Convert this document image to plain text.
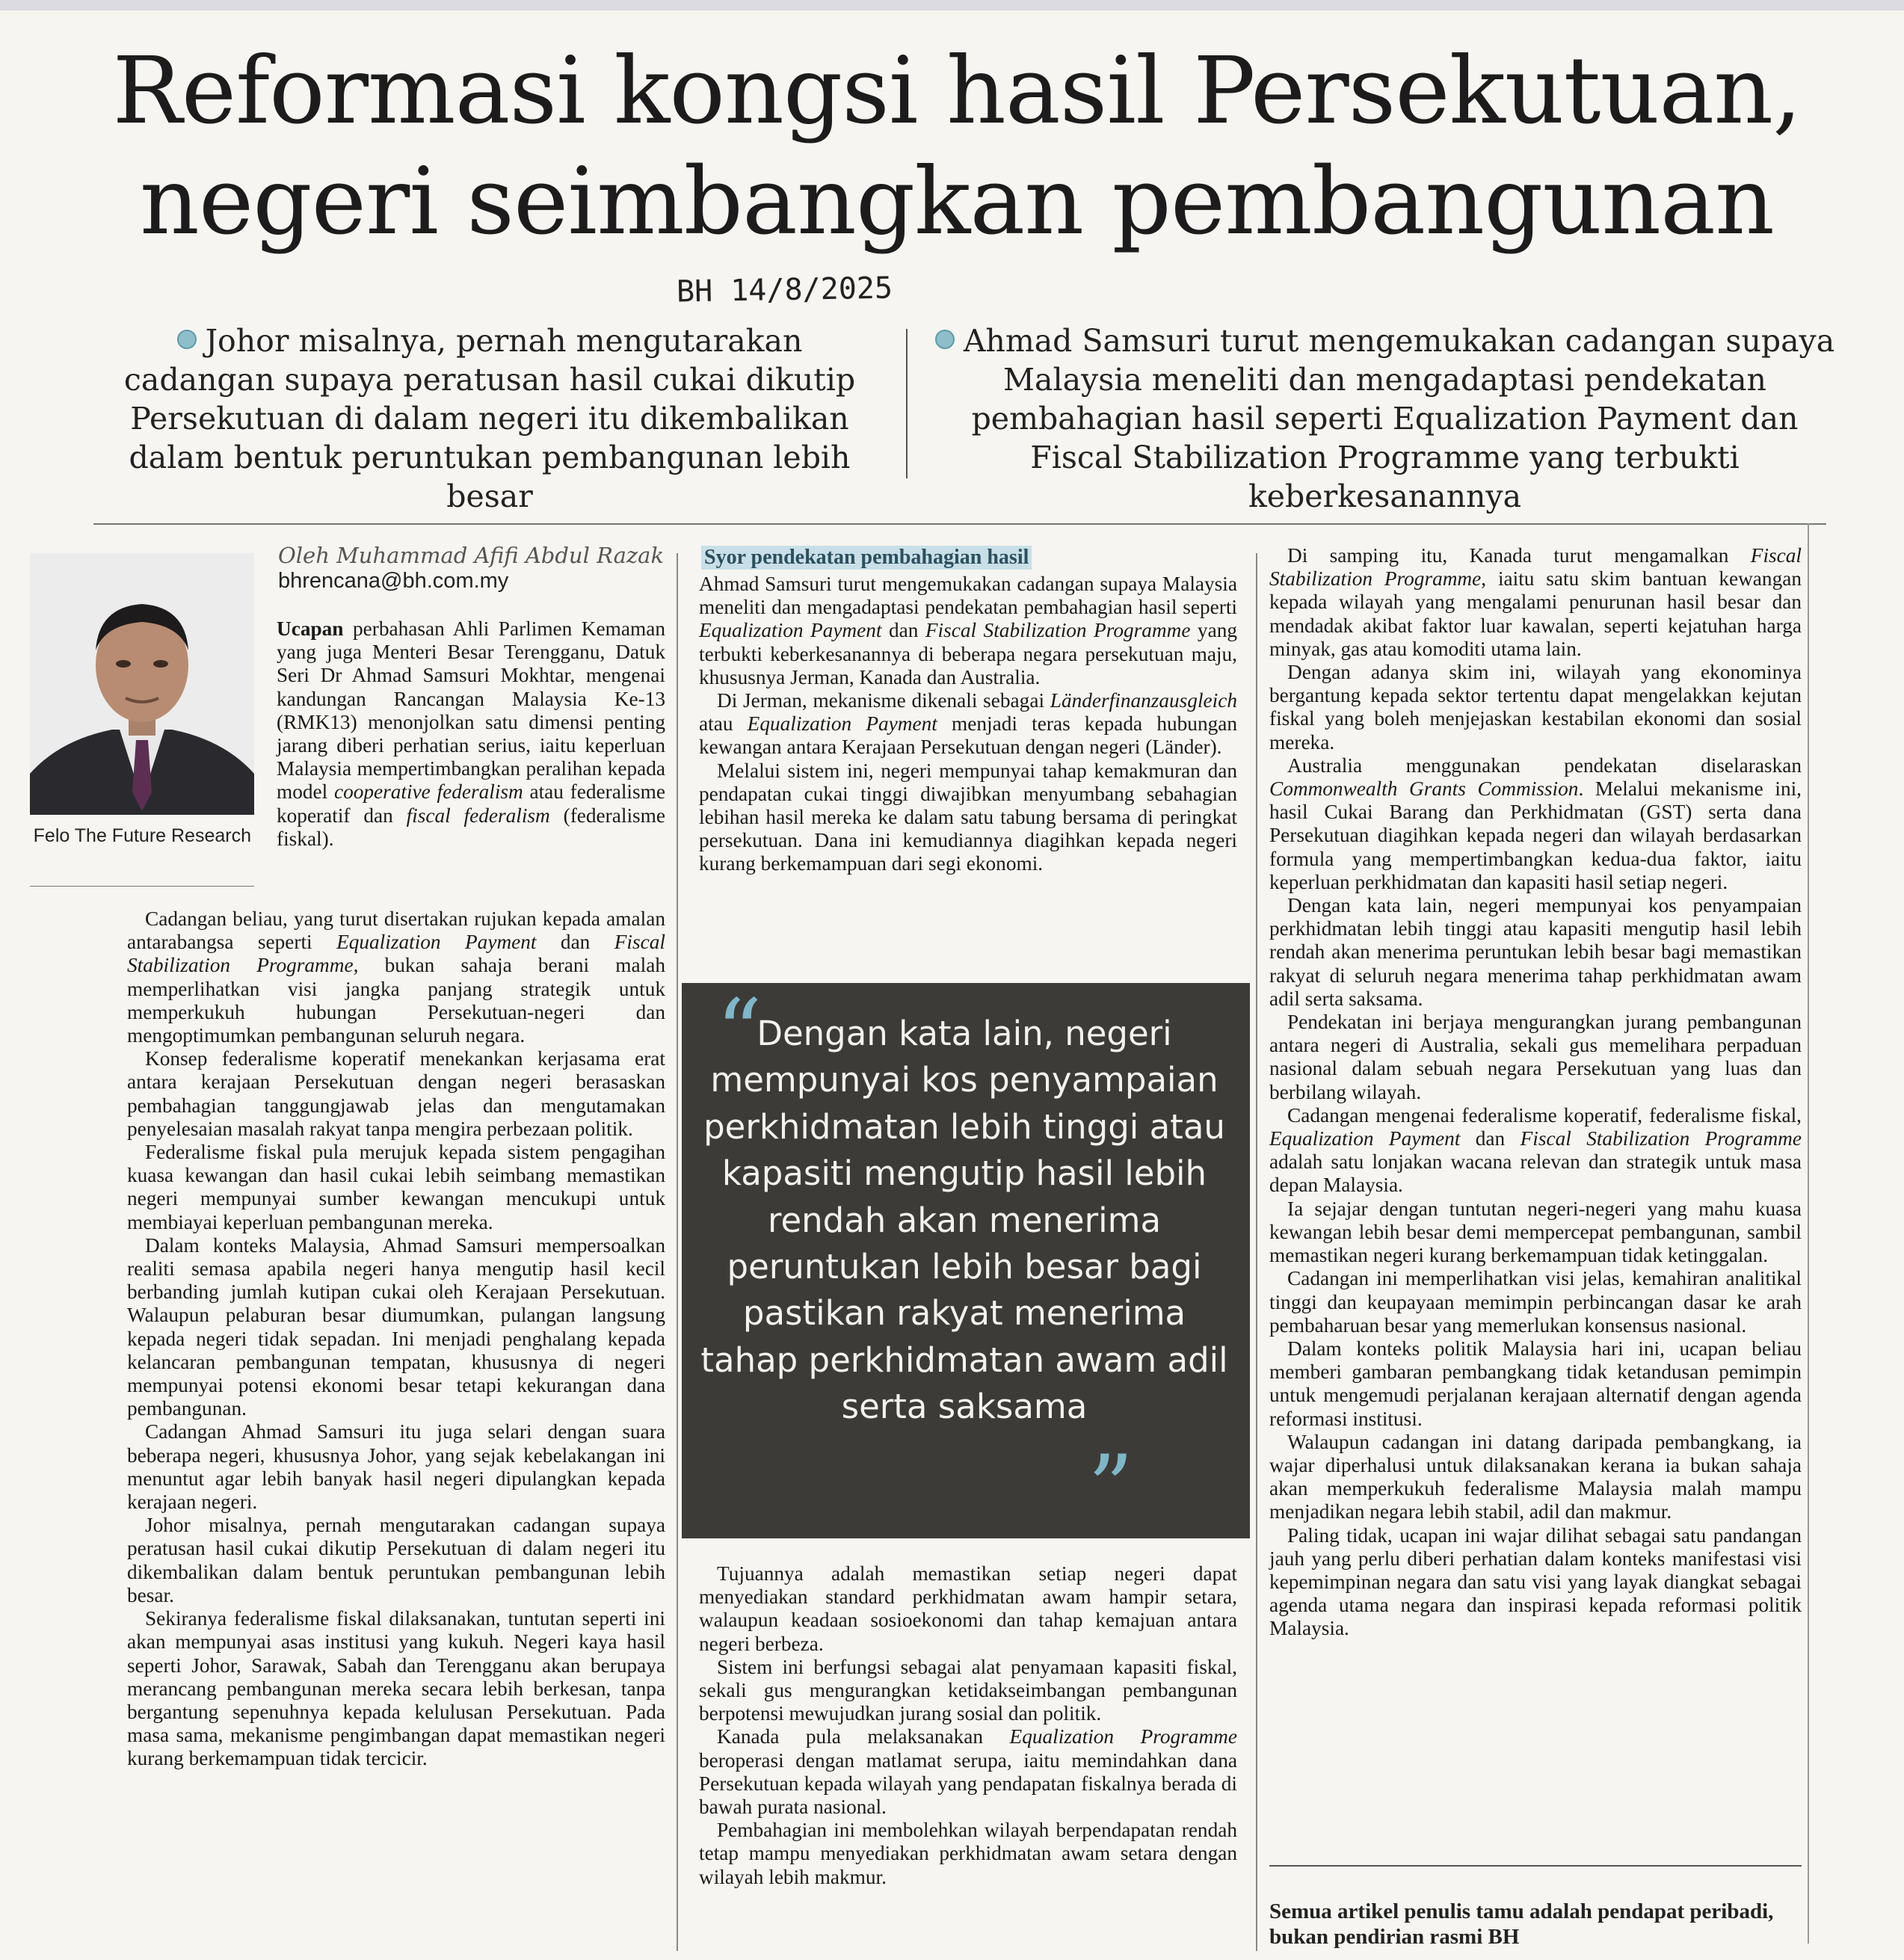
Reformasi kongsi hasil Persekutuan,
negeri seimbangkan pembangunan
BH 14/8/2025
Johor misalnya, pernah mengutarakan cadangan supaya peratusan hasil cukai dikutip Persekutuan di dalam negeri itu dikembalikan dalam bentuk peruntukan pembangunan lebih besar
Ahmad Samsuri turut mengemukakan cadangan supaya Malaysia meneliti dan mengadaptasi pendekatan pembahagian hasil seperti Equalization Payment dan Fiscal Stabilization Programme yang terbukti keberkesanannya
Felo The Future Research
Oleh Muhammad Afifi Abdul Razak
bhrencana@bh.com.my

Ucapan perbahasan Ahli Parlimen Kemaman yang juga Menteri Besar Terengganu, Datuk Seri Dr Ahmad Samsuri Mokhtar, mengenai kandungan Rancangan Malaysia Ke-13 (RMK13) menonjolkan satu dimensi penting jarang diberi perhatian serius, iaitu keperluan Malaysia mempertimbangkan peralihan kepada model cooperative federalism atau federalisme koperatif dan fiscal federalism (federalisme fiskal).

Cadangan beliau, yang turut disertakan rujukan kepada amalan antarabangsa seperti Equalization Payment dan Fiscal Stabilization Programme, bukan sahaja berani malah memperlihatkan visi jangka panjang strategik untuk memperkukuh hubungan Persekutuan-negeri dan mengoptimumkan pembangunan seluruh negara.

Konsep federalisme koperatif menekankan kerjasama erat antara kerajaan Persekutuan dengan negeri berasaskan pembahagian tanggungjawab jelas dan mengutamakan penyelesaian masalah rakyat tanpa mengira perbezaan politik.

Federalisme fiskal pula merujuk kepada sistem pengagihan kuasa kewangan dan hasil cukai lebih seimbang memastikan negeri mempunyai sumber kewangan mencukupi untuk membiayai keperluan pembangunan mereka.

Dalam konteks Malaysia, Ahmad Samsuri mempersoalkan realiti semasa apabila negeri hanya mengutip hasil kecil berbanding jumlah kutipan cukai oleh Kerajaan Persekutuan. Walaupun pelaburan besar diumumkan, pulangan langsung kepada negeri tidak sepadan. Ini menjadi penghalang kepada kelancaran pembangunan tempatan, khususnya di negeri mempunyai potensi ekonomi besar tetapi kekurangan dana pembangunan.

Cadangan Ahmad Samsuri itu juga selari dengan suara beberapa negeri, khususnya Johor, yang sejak kebelakangan ini menuntut agar lebih banyak hasil negeri dipulangkan kepada kerajaan negeri.

Johor misalnya, pernah mengutarakan cadangan supaya peratusan hasil cukai dikutip Persekutuan di dalam negeri itu dikembalikan dalam bentuk peruntukan pembangunan lebih besar.

Sekiranya federalisme fiskal dilaksanakan, tuntutan seperti ini akan mempunyai asas institusi yang kukuh. Negeri kaya hasil seperti Johor, Sarawak, Sabah dan Terengganu akan berupaya merancang pembangunan mereka secara lebih berkesan, tanpa bergantung sepenuhnya kepada kelulusan Persekutuan. Pada masa sama, mekanisme pengimbangan dapat memastikan negeri kurang berkemampuan tidak tercicir.

Syor pendekatan pembahagian hasil

Ahmad Samsuri turut mengemukakan cadangan supaya Malaysia meneliti dan mengadaptasi pendekatan pembahagian hasil seperti Equalization Payment dan Fiscal Stabilization Programme yang terbukti keberkesanannya di beberapa negara persekutuan maju, khususnya Jerman, Kanada dan Australia.

Di Jerman, mekanisme dikenali sebagai Länderfinanzausgleich atau Equalization Payment menjadi teras kepada hubungan kewangan antara Kerajaan Persekutuan dengan negeri (Länder).

Melalui sistem ini, negeri mempunyai tahap kemakmuran dan pendapatan cukai tinggi diwajibkan menyumbang sebahagian lebihan hasil mereka ke dalam satu tabung bersama di peringkat persekutuan. Dana ini kemudiannya diagihkan kepada negeri kurang berkemampuan dari segi ekonomi.

“
Dengan kata lain, negeri mempunyai kos penyampaian perkhidmatan lebih tinggi atau kapasiti mengutip hasil lebih rendah akan menerima peruntukan lebih besar bagi pastikan rakyat menerima tahap perkhidmatan awam adil serta saksama
”

Tujuannya adalah memastikan setiap negeri dapat menyediakan standard perkhidmatan awam hampir setara, walaupun keadaan sosioekonomi dan tahap kemajuan antara negeri berbeza.

Sistem ini berfungsi sebagai alat penyamaan kapasiti fiskal, sekali gus mengurangkan ketidakseimbangan pembangunan berpotensi mewujudkan jurang sosial dan politik.

Kanada pula melaksanakan Equalization Programme beroperasi dengan matlamat serupa, iaitu memindahkan dana Persekutuan kepada wilayah yang pendapatan fiskalnya berada di bawah purata nasional.

Pembahagian ini membolehkan wilayah berpendapatan rendah tetap mampu menyediakan perkhidmatan awam setara dengan wilayah lebih makmur.

Di samping itu, Kanada turut mengamalkan Fiscal Stabilization Programme, iaitu satu skim bantuan kewangan kepada wilayah yang mengalami penurunan hasil besar dan mendadak akibat faktor luar kawalan, seperti kejatuhan harga minyak, gas atau komoditi utama lain.

Dengan adanya skim ini, wilayah yang ekonominya bergantung kepada sektor tertentu dapat mengelakkan kejutan fiskal yang boleh menjejaskan kestabilan ekonomi dan sosial mereka.

Australia menggunakan pendekatan diselaraskan Commonwealth Grants Commission. Melalui mekanisme ini, hasil Cukai Barang dan Perkhidmatan (GST) serta dana Persekutuan diagihkan kepada negeri dan wilayah berdasarkan formula yang mempertimbangkan kedua-dua faktor, iaitu keperluan perkhidmatan dan kapasiti hasil setiap negeri.

Dengan kata lain, negeri mempunyai kos penyampaian perkhidmatan lebih tinggi atau kapasiti mengutip hasil lebih rendah akan menerima peruntukan lebih besar bagi memastikan rakyat di seluruh negara menerima tahap perkhidmatan awam adil serta saksama.

Pendekatan ini berjaya mengurangkan jurang pembangunan antara negeri di Australia, sekali gus memelihara perpaduan nasional dalam sebuah negara Persekutuan yang luas dan berbilang wilayah.

Cadangan mengenai federalisme koperatif, federalisme fiskal, Equalization Payment dan Fiscal Stabilization Programme adalah satu lonjakan wacana relevan dan strategik untuk masa depan Malaysia.

Ia sejajar dengan tuntutan negeri-negeri yang mahu kuasa kewangan lebih besar demi mempercepat pembangunan, sambil memastikan negeri kurang berkemampuan tidak ketinggalan.

Cadangan ini memperlihatkan visi jelas, kemahiran analitikal tinggi dan keupayaan memimpin perbincangan dasar ke arah pembaharuan besar yang memerlukan konsensus nasional.

Dalam konteks politik Malaysia hari ini, ucapan beliau memberi gambaran pembangkang tidak ketandusan pemimpin untuk mengemudi perjalanan kerajaan alternatif dengan agenda reformasi institusi.

Walaupun cadangan ini datang daripada pembangkang, ia wajar diperhalusi untuk dilaksanakan kerana ia bukan sahaja akan memperkukuh federalisme Malaysia malah mampu menjadikan negara lebih stabil, adil dan makmur.

Paling tidak, ucapan ini wajar dilihat sebagai satu pandangan jauh yang perlu diberi perhatian dalam konteks manifestasi visi kepemimpinan negara dan satu visi yang layak diangkat sebagai agenda utama negara dan inspirasi kepada reformasi politik Malaysia.

Semua artikel penulis tamu adalah pendapat peribadi, bukan pendirian rasmi BH
